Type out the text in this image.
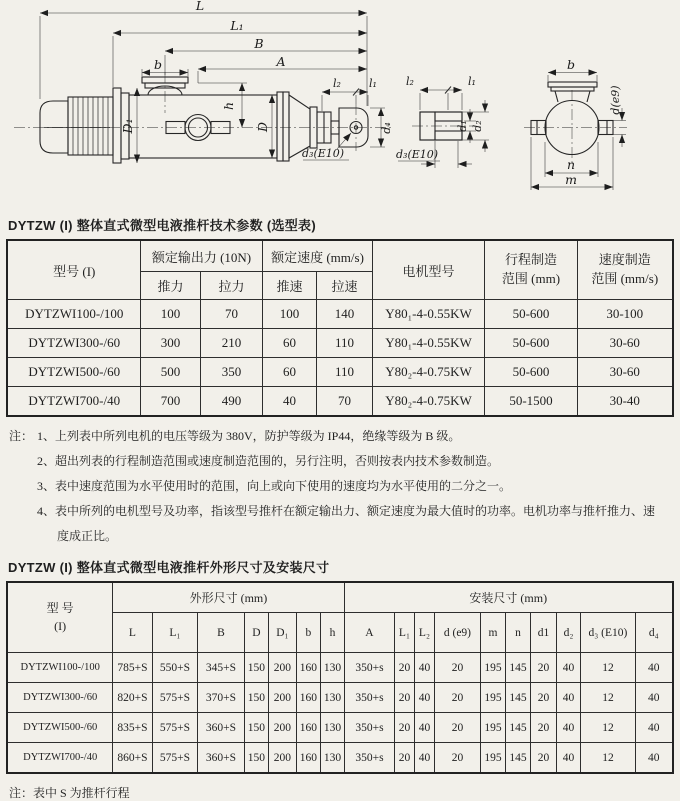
L
L₁
B
A
b
h
D₁	D
l₂	l₁
d₄
d₃(E10)
l₂	l₁
d₁ d₂
d₃(E10)
b
d(e9)
n
m
DYTZW (I) 整体直式微型电液推杆技术参数 (选型表)
型号 (I)	额定输出力 (10N)	额定速度 (mm/s)	电机型号	
行程制造
范围 (mm)

速度制造
范围 (mm/s)

	推力	拉力	推速	拉速			
DYTZWI100-/100	100	70	100	140	Y80₁-4-0.55KW	50-600	30-100
DYTZWI300-/60	300	210	60	110	Y80₁-4-0.55KW	50-600	30-60
DYTZWI500-/60	500	350	60	110	Y80₂-4-0.75KW	50-600	30-60
DYTZWI700-/40	700	490	40	70	Y80₂-4-0.75KW	50-1500	30-40
注： 1、上列表中所列电机的电压等级为 380V，防护等级为 IP44，绝缘等级为 B 级。
2、超出列表的行程制造范围或速度制造范围的，另行注明，否则按表内技术参数制造。
3、表中速度范围为水平使用时的范围，向上或向下使用的速度均为水平使用的二分之一。
4、表中所列的电机型号及功率，指该型号推杆在额定输出力、额定速度为最大值时的功率。电机功率与推杆推力、速度成正比。
DYTZW (I) 整体直式微型电液推杆外形尺寸及安装尺寸
型 号
(I)	外形尺寸 (mm)							安装尺寸 (mm)									
	L	L₁	B	D	D₁	b	h	A	L₁	L₂	d (e9)	m	n	d1	d₂	d₃ (E10)	d₄
DYTZWI100-/100	785+S	550+S	345+S	150	200	160	130	350+s	20	40	20	195	145	20	40	12	40
DYTZWI300-/60	820+S	575+S	370+S	150	200	160	130	350+s	20	40	20	195	145	20	40	12	40
DYTZWI500-/60	835+S	575+S	360+S	150	200	160	130	350+s	20	40	20	195	145	20	40	12	40
DYTZWI700-/40	860+S	575+S	360+S	150	200	160	130	350+s	20	40	20	195	145	20	40	12	40
注：表中 S 为推杆行程
